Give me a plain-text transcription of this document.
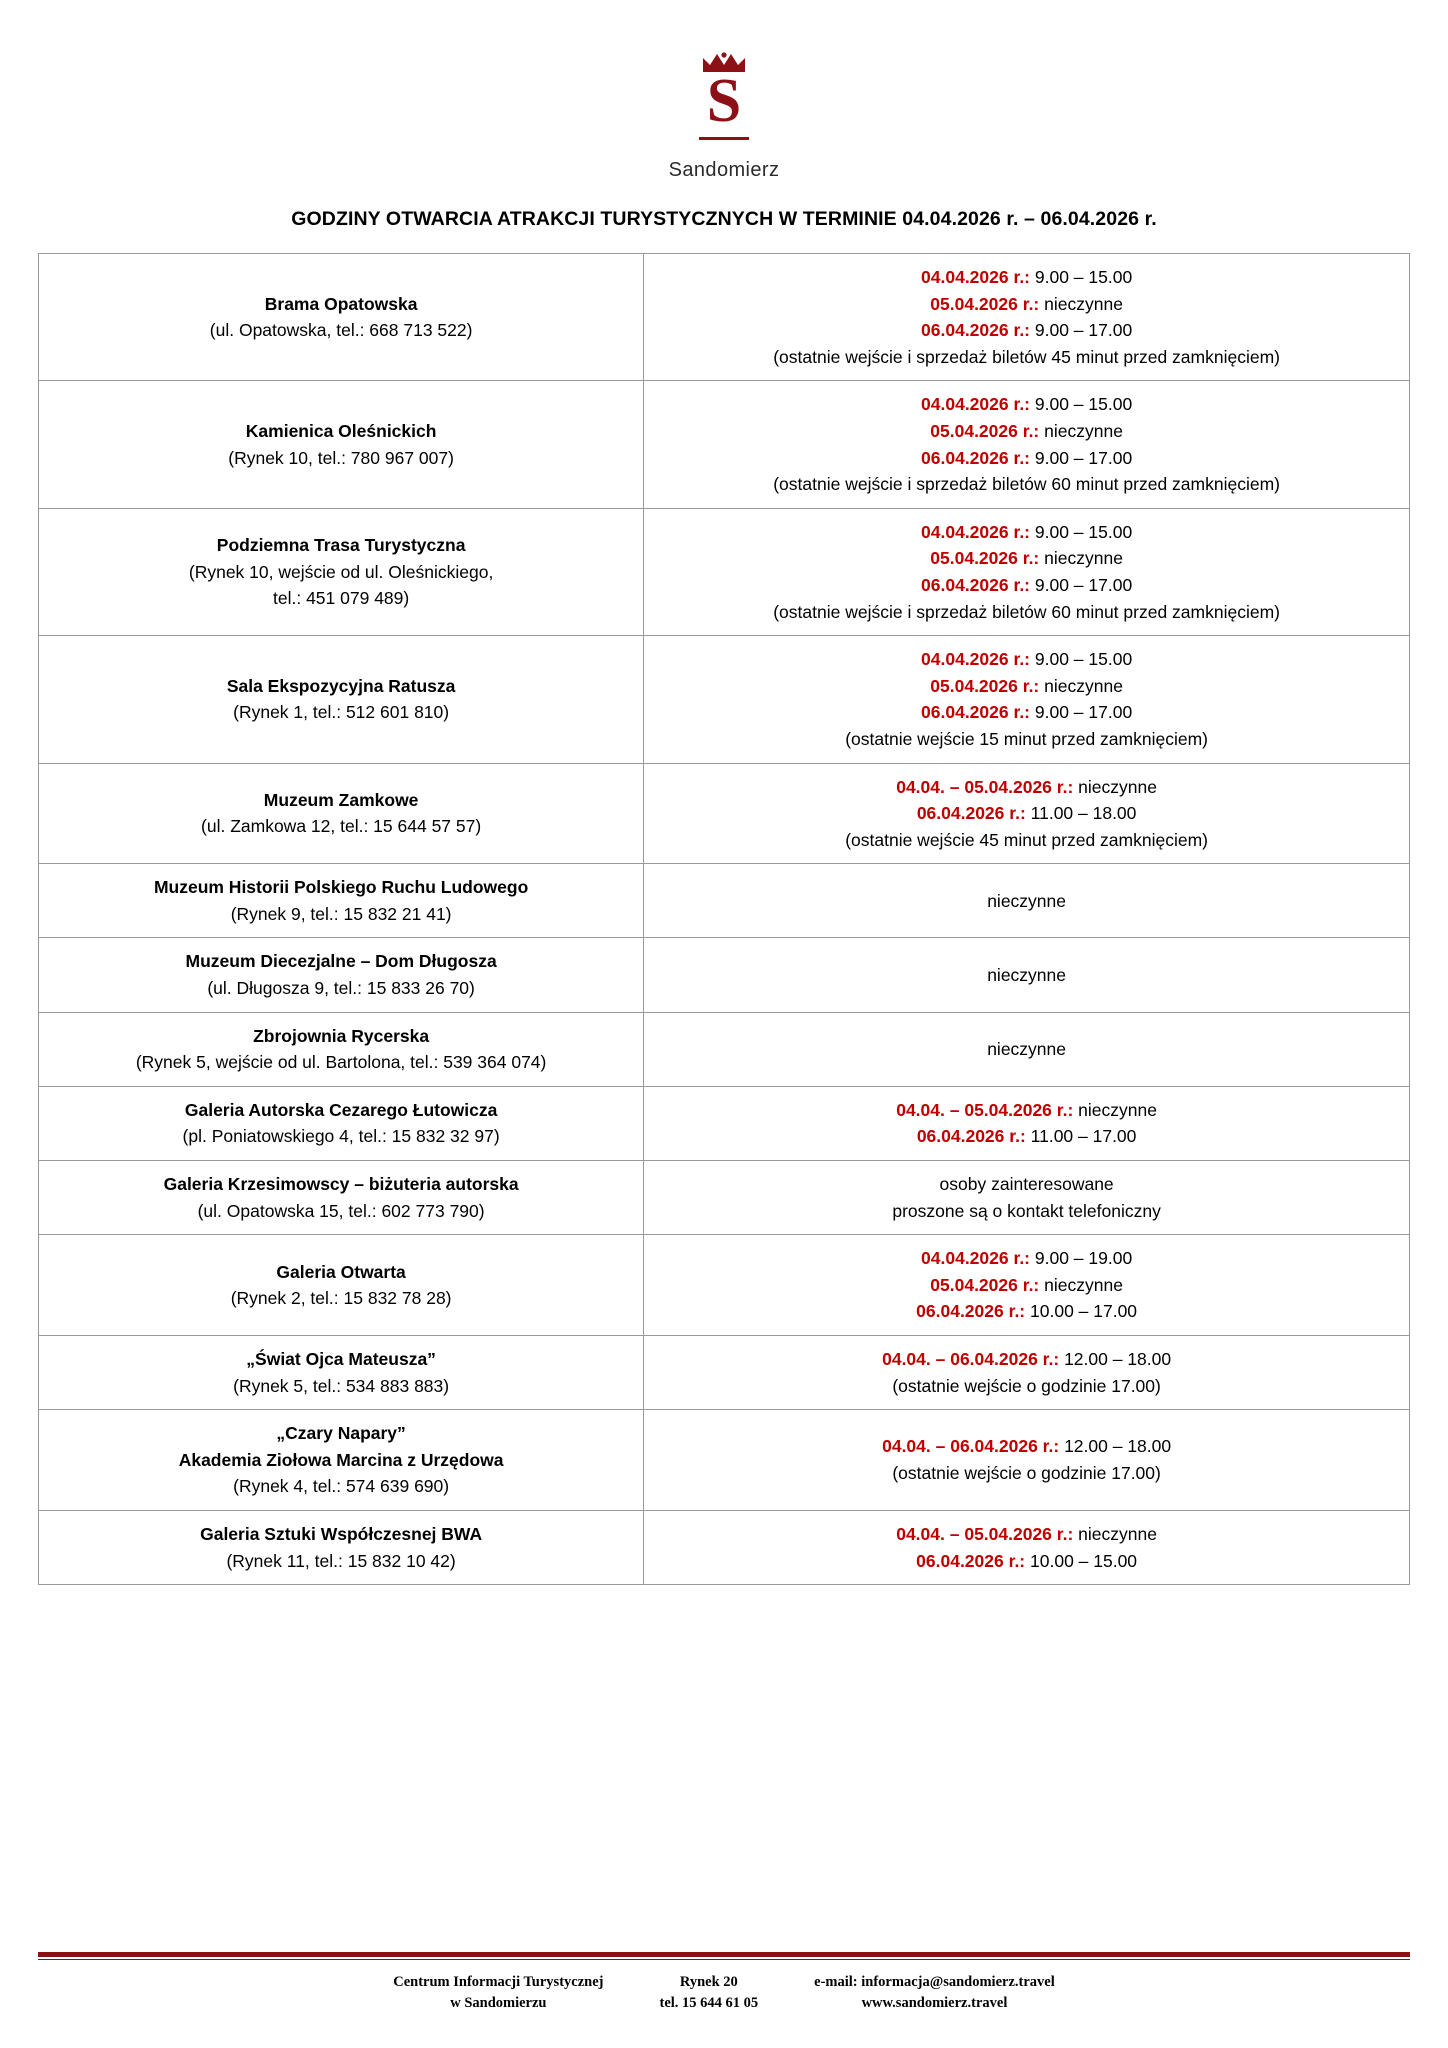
S
Sandomierz
GODZINY OTWARCIA ATRAKCJI TURYSTYCZNYCH W TERMINIE 04.04.2026 r. – 06.04.2026 r.
Brama Opatowska
(ul. Opatowska, tel.: 668 713 522)	04.04.2026 r.: 9.00 – 15.00
05.04.2026 r.: nieczynne
06.04.2026 r.: 9.00 – 17.00
(ostatnie wejście i sprzedaż biletów 45 minut przed zamknięciem)

Kamienica Oleśnickich
(Rynek 10, tel.: 780 967 007)	04.04.2026 r.: 9.00 – 15.00
05.04.2026 r.: nieczynne
06.04.2026 r.: 9.00 – 17.00
(ostatnie wejście i sprzedaż biletów 60 minut przed zamknięciem)

Podziemna Trasa Turystyczna
(Rynek 10, wejście od ul. Oleśnickiego,
tel.: 451 079 489)	04.04.2026 r.: 9.00 – 15.00
05.04.2026 r.: nieczynne
06.04.2026 r.: 9.00 – 17.00
(ostatnie wejście i sprzedaż biletów 60 minut przed zamknięciem)

Sala Ekspozycyjna Ratusza
(Rynek 1, tel.: 512 601 810)	04.04.2026 r.: 9.00 – 15.00
05.04.2026 r.: nieczynne
06.04.2026 r.: 9.00 – 17.00
(ostatnie wejście 15 minut przed zamknięciem)

Muzeum Zamkowe
(ul. Zamkowa 12, tel.: 15 644 57 57)	04.04. – 05.04.2026 r.: nieczynne
06.04.2026 r.: 11.00 – 18.00
(ostatnie wejście 45 minut przed zamknięciem)

Muzeum Historii Polskiego Ruchu Ludowego
(Rynek 9, tel.: 15 832 21 41)	nieczynne

Muzeum Diecezjalne – Dom Długosza
(ul. Długosza 9, tel.: 15 833 26 70)	nieczynne

Zbrojownia Rycerska
(Rynek 5, wejście od ul. Bartolona, tel.: 539 364 074)	nieczynne

Galeria Autorska Cezarego Łutowicza
(pl. Poniatowskiego 4, tel.: 15 832 32 97)	04.04. – 05.04.2026 r.: nieczynne
06.04.2026 r.: 11.00 – 17.00

Galeria Krzesimowscy – biżuteria autorska
(ul. Opatowska 15, tel.: 602 773 790)	osoby zainteresowane
proszone są o kontakt telefoniczny

Galeria Otwarta
(Rynek 2, tel.: 15 832 78 28)	04.04.2026 r.: 9.00 – 19.00
05.04.2026 r.: nieczynne
06.04.2026 r.: 10.00 – 17.00

„Świat Ojca Mateusza”
(Rynek 5, tel.: 534 883 883)	04.04. – 06.04.2026 r.: 12.00 – 18.00
(ostatnie wejście o godzinie 17.00)

„Czary Napary”
Akademia Ziołowa Marcina z Urzędowa
(Rynek 4, tel.: 574 639 690)	04.04. – 06.04.2026 r.: 12.00 – 18.00
(ostatnie wejście o godzinie 17.00)

Galeria Sztuki Współczesnej BWA
(Rynek 11, tel.: 15 832 10 42)	04.04. – 05.04.2026 r.: nieczynne
06.04.2026 r.: 10.00 – 15.00
Centrum Informacji Turystycznej
w Sandomierzu
Rynek 20
tel. 15 644 61 05
e-mail: informacja@sandomierz.travel
www.sandomierz.travel
